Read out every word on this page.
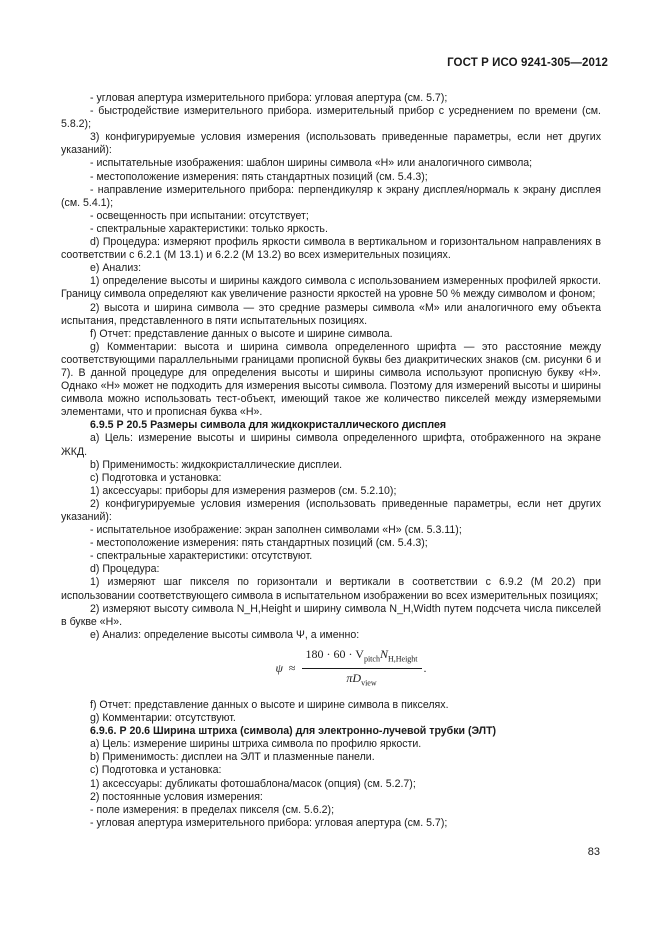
ГОСТ Р ИСО 9241-305—2012

- угловая апертура измерительного прибора: угловая апертура (см. 5.7);

- быстродействие измерительного прибора. измерительный прибор с усреднением по времени (см. 5.8.2);

3) конфигурируемые условия измерения (использовать приведенные параметры, если нет других указаний):

- испытательные изображения: шаблон ширины символа «Н» или аналогичного символа;

- местоположение измерения: пять стандартных позиций (см. 5.4.3);

- направление измерительного прибора: перпендикуляр к экрану дисплея/нормаль к экрану дисплея (см. 5.4.1);

- освещенность при испытании: отсутствует;

- спектральные характеристики: только яркость.

d) Процедура: измеряют профиль яркости символа в вертикальном и горизонтальном направлениях в соответствии с 6.2.1 (М 13.1) и 6.2.2 (М 13.2) во всех измерительных позициях.

е) Анализ:

1) определение высоты и ширины каждого символа с использованием измеренных профилей яркости. Границу символа определяют как увеличение разности яркостей на уровне 50 % между символом и фоном;

2) высота и ширина символа — это средние размеры символа «М» или аналогичного ему объекта испытания, представленного в пяти испытательных позициях.

f) Отчет: представление данных о высоте и ширине символа.

g) Комментарии: высота и ширина символа определенного шрифта — это расстояние между соответствующими параллельными границами прописной буквы без диакритических знаков (см. рисунки 6 и 7). В данной процедуре для определения высоты и ширины символа используют прописную букву «Н». Однако «Н» может не подходить для измерения высоты символа. Поэтому для измерений высоты и ширины символа можно использовать тест-объект, имеющий такое же количество пикселей между измеряемыми элементами, что и прописная буква «Н».

6.9.5 Р 20.5 Размеры символа для жидкокристаллического дисплея

а) Цель: измерение высоты и ширины символа определенного шрифта, отображенного на экране ЖКД.

b) Применимость: жидкокристаллические дисплеи.

с) Подготовка и установка:

1) аксессуары: приборы для измерения размеров (см. 5.2.10);

2) конфигурируемые условия измерения (использовать приведенные параметры, если нет других указаний):

- испытательное изображение: экран заполнен символами «Н» (см. 5.3.11);

- местоположение измерения: пять стандартных позиций (см. 5.4.3);

- спектральные характеристики: отсутствуют.

d) Процедура:

1) измеряют шаг пикселя по горизонтали и вертикали в соответствии с 6.9.2 (М 20.2) при использовании соответствующего символа в испытательном изображении во всех измерительных позициях;

2) измеряют высоту символа N_H,Height и ширину символа N_H,Width путем подсчета числа пикселей в букве «Н».

е) Анализ: определение высоты символа Ψ, а именно:

$\psi \approx \frac{180 \cdot 60 \cdot V_{pitch}N_{H,Height}}{\pi D_{view}}$ .

f) Отчет: представление данных о высоте и ширине символа в пикселях.

g) Комментарии: отсутствуют.

6.9.6. Р 20.6 Ширина штриха (символа) для электронно-лучевой трубки (ЭЛТ)

а) Цель: измерение ширины штриха символа по профилю яркости.

b) Применимость: дисплеи на ЭЛТ и плазменные панели.

с) Подготовка и установка:

1) аксессуары: дубликаты фотошаблона/масок (опция) (см. 5.2.7);

2) постоянные условия измерения:

- поле измерения: в пределах пикселя (см. 5.6.2);

- угловая апертура измерительного прибора: угловая апертура (см. 5.7);

83
